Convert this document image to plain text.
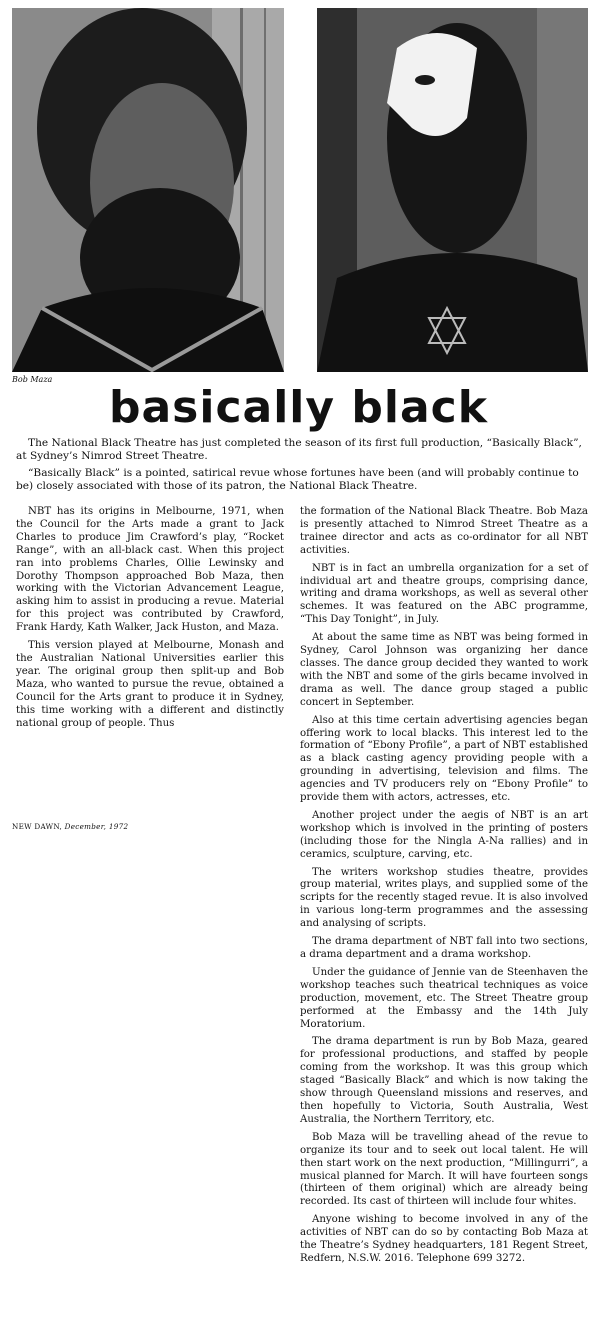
Bob Maza
basically black

The National Black Theatre has just completed the season of its first full production, “Basically Black”, at Sydney’s Nimrod Street Theatre.

“Basically Black” is a pointed, satirical revue whose fortunes have been (and will probably continue to be) closely associated with those of its patron, the National Black Theatre.

NBT has its origins in Melbourne, 1971, when the Council for the Arts made a grant to Jack Charles to produce Jim Crawford’s play, “Rocket Range”, with an all-black cast. When this project ran into problems Charles, Ollie Lewinsky and Dorothy Thompson approached Bob Maza, then working with the Victorian Advancement League, asking him to assist in producing a revue. Material for this project was contributed by Crawford, Frank Hardy, Kath Walker, Jack Huston, and Maza.

This version played at Melbourne, Monash and the Australian National Universities earlier this year. The original group then split-up and Bob Maza, who wanted to pursue the revue, obtained a Council for the Arts grant to produce it in Sydney, this time working with a different and distinctly national group of people. Thus

NEW DAWN, December, 1972

the formation of the National Black Theatre. Bob Maza is presently attached to Nimrod Street Theatre as a trainee director and acts as co-ordinator for all NBT activities.

NBT is in fact an umbrella organization for a set of individual art and theatre groups, comprising dance, writing and drama workshops, as well as several other schemes. It was featured on the ABC programme, “This Day Tonight”, in July.

At about the same time as NBT was being formed in Sydney, Carol Johnson was organizing her dance classes. The dance group decided they wanted to work with the NBT and some of the girls became involved in drama as well. The dance group staged a public concert in September.

Also at this time certain advertising agencies began offering work to local blacks. This interest led to the formation of “Ebony Profile”, a part of NBT established as a black casting agency providing people with a grounding in advertising, television and films. The agencies and TV producers rely on “Ebony Profile” to provide them with actors, actresses, etc.

Another project under the aegis of NBT is an art workshop which is involved in the printing of posters (including those for the Ningla A-Na rallies) and in ceramics, sculpture, carving, etc.

The writers workshop studies theatre, provides group material, writes plays, and supplied some of the scripts for the recently staged revue. It is also involved in various long-term programmes and the assessing and analysing of scripts.

The drama department of NBT fall into two sections, a drama department and a drama workshop.

Under the guidance of Jennie van de Steenhaven the workshop teaches such theatrical techniques as voice production, movement, etc. The Street Theatre group performed at the Embassy and the 14th July Moratorium.

The drama department is run by Bob Maza, geared for professional productions, and staffed by people coming from the workshop. It was this group which staged “Basically Black” and which is now taking the show through Queensland missions and reserves, and then hopefully to Victoria, South Australia, West Australia, the Northern Territory, etc.

Bob Maza will be travelling ahead of the revue to organize its tour and to seek out local talent. He will then start work on the next production, “Millingurri”, a musical planned for March. It will have fourteen songs (thirteen of them original) which are already being recorded. Its cast of thirteen will include four whites.

Anyone wishing to become involved in any of the activities of NBT can do so by contacting Bob Maza at the Theatre’s Sydney headquarters, 181 Regent Street, Redfern, N.S.W. 2016. Telephone 699 3272.
